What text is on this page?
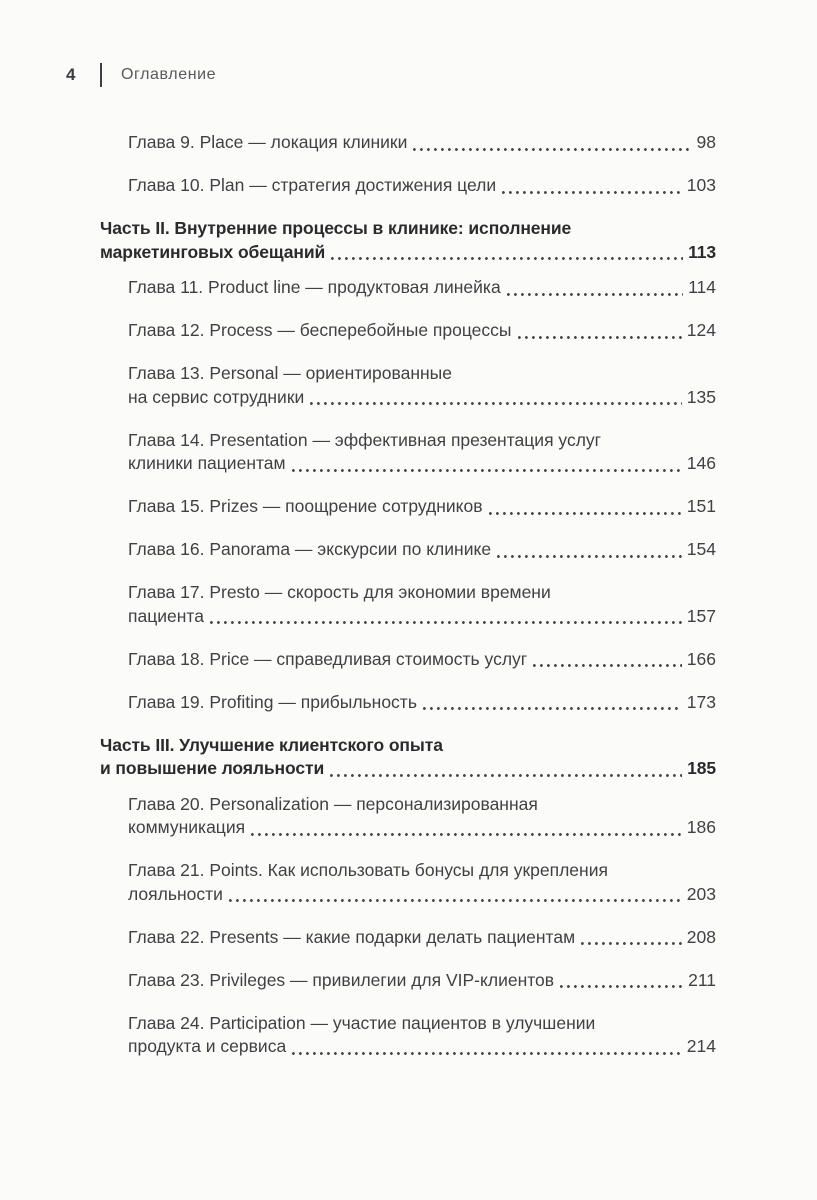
4	Оглавление
Глава 9. Place — локация клиники	98
Глава 10. Plan — стратегия достижения цели	103
Часть II. Внутренние процессы в клинике: исполнение
маркетинговых обещаний	113
Глава 11. Product line — продуктовая линейка	114
Глава 12. Process — бесперебойные процессы	124
Глава 13. Personal — ориентированные
на сервис сотрудники	135
Глава 14. Presentation — эффективная презентация услуг
клиники пациентам	146
Глава 15. Prizes — поощрение сотрудников	151
Глава 16. Panorama — экскурсии по клинике	154
Глава 17. Presto — скорость для экономии времени
пациента	157
Глава 18. Price — справедливая стоимость услуг	166
Глава 19. Profiting — прибыльность	173
Часть III. Улучшение клиентского опыта
и повышение лояльности	185
Глава 20. Personalization — персонализированная
коммуникация	186
Глава 21. Points. Как использовать бонусы для укрепления
лояльности	203
Глава 22. Presents — какие подарки делать пациентам	208
Глава 23. Privileges — привилегии для VIP-клиентов	211
Глава 24. Participation — участие пациентов в улучшении
продукта и сервиса	214
